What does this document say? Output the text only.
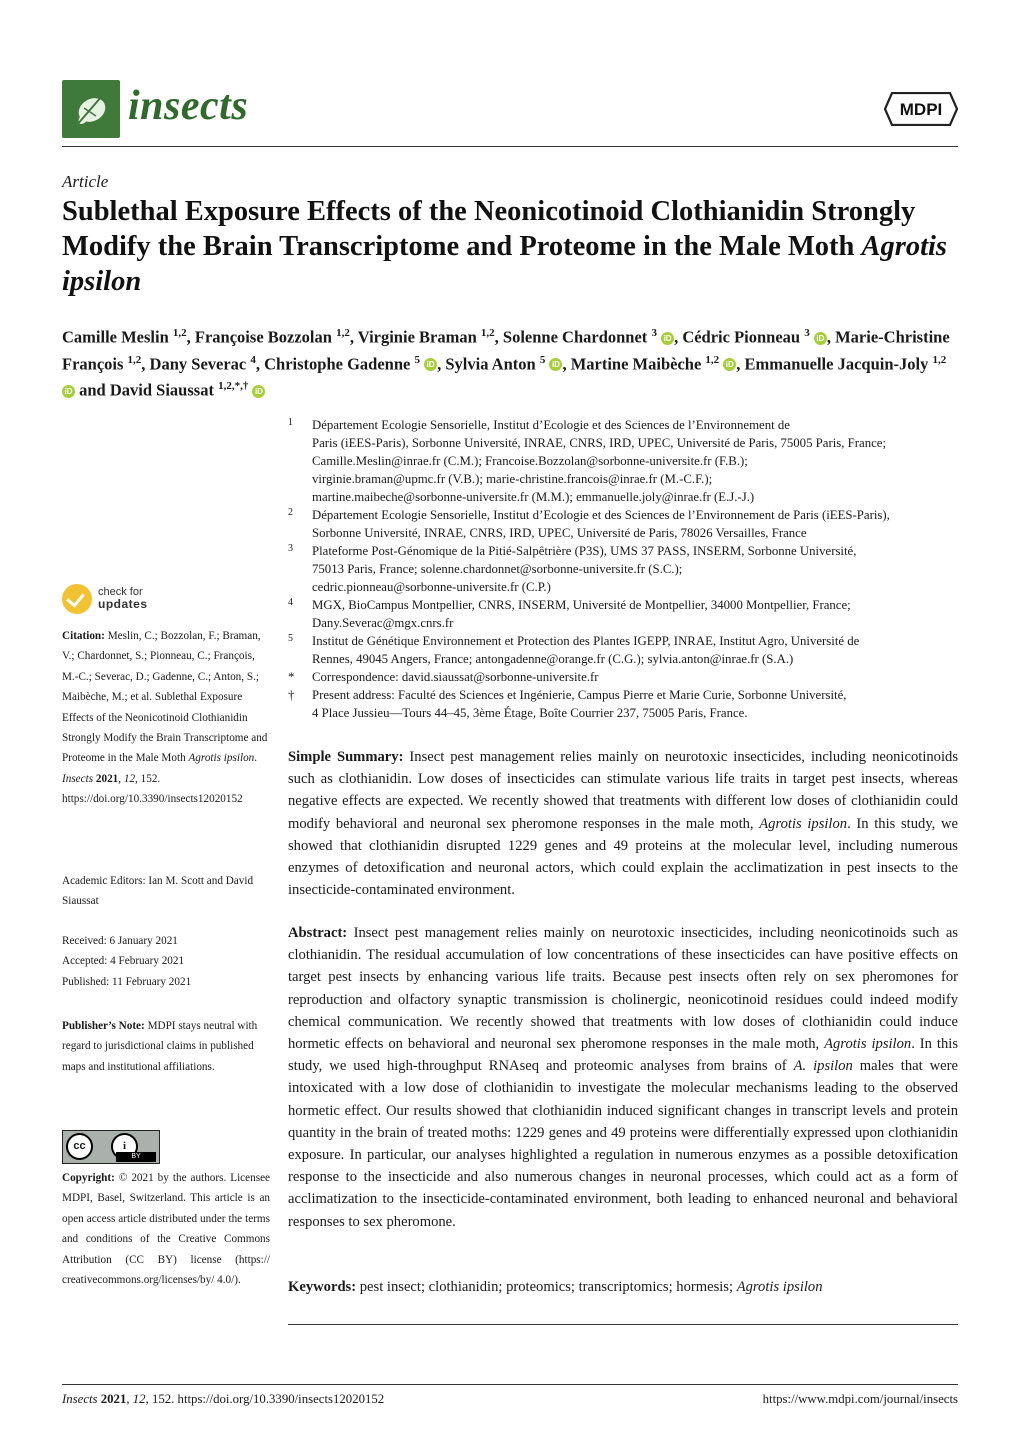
insects	MDPI
Article
Sublethal Exposure Effects of the Neonicotinoid Clothianidin Strongly Modify the Brain Transcriptome and Proteome in the Male Moth Agrotis ipsilon
Camille Meslin $^{1,2}$, Françoise Bozzolan $^{1,2}$, Virginie Braman $^{1,2}$, Solenne Chardonnet $^3$ iD , Cédric Pionneau $^3$ iD , Marie-Christine François $^{1,2}$, Dany Severac $^4$, Christophe Gadenne $^5$ iD , Sylvia Anton $^5$ iD , Martine Maibèche $^{1,2}$ iD , Emmanuelle Jacquin-Joly $^{1,2}$ iD and David Siaussat $^{1,2,*,\dagger}$ iD
1 Département Ecologie Sensorielle, Institut d’Ecologie et des Sciences de l’Environnement de
Paris (iEES-Paris), Sorbonne Université, INRAE, CNRS, IRD, UPEC, Université de Paris, 75005 Paris, France;
Camille.Meslin@inrae.fr (C.M.); Francoise.Bozzolan@sorbonne-universite.fr (F.B.);
virginie.braman@upmc.fr (V.B.); marie-christine.francois@inrae.fr (M.-C.F.);
martine.maibeche@sorbonne-universite.fr (M.M.); emmanuelle.joly@inrae.fr (E.J.-J.)
2 Département Ecologie Sensorielle, Institut d’Ecologie et des Sciences de l’Environnement de Paris (iEES-Paris),
Sorbonne Université, INRAE, CNRS, IRD, UPEC, Université de Paris, 78026 Versailles, France
3 Plateforme Post-Génomique de la Pitié-Salpêtrière (P3S), UMS 37 PASS, INSERM, Sorbonne Université,
75013 Paris, France; solenne.chardonnet@sorbonne-universite.fr (S.C.);
cedric.pionneau@sorbonne-universite.fr (C.P.)
4 MGX, BioCampus Montpellier, CNRS, INSERM, Université de Montpellier, 34000 Montpellier, France;
Dany.Severac@mgx.cnrs.fr
5 Institut de Génétique Environnement et Protection des Plantes IGEPP, INRAE, Institut Agro, Université de
Rennes, 49045 Angers, France; antongadenne@orange.fr (C.G.); sylvia.anton@inrae.fr (S.A.)
* Correspondence: david.siaussat@sorbonne-universite.fr
† Present address: Faculté des Sciences et Ingénierie, Campus Pierre et Marie Curie, Sorbonne Université,
4 Place Jussieu—Tours 44–45, 3ème Étage, Boîte Courrier 237, 75005 Paris, France.
check for
updates
Citation: Meslin, C.; Bozzolan, F.; Braman, V.; Chardonnet, S.; Pionneau, C.; François, M.-C.; Severac, D.; Gadenne, C.; Anton, S.; Maibèche, M.; et al. Sublethal Exposure Effects of the Neonicotinoid Clothianidin Strongly Modify the Brain Transcriptome and Proteome in the Male Moth Agrotis ipsilon. Insects 2021, 12, 152. https://doi.org/10.3390/insects12020152
Academic Editors: Ian M. Scott and David Siaussat
Received: 6 January 2021
Accepted: 4 February 2021
Published: 11 February 2021
Publisher’s Note: MDPI stays neutral with regard to jurisdictional claims in published maps and institutional affiliations.
cc	i
BY
Copyright: © 2021 by the authors. Licensee MDPI, Basel, Switzerland. This article is an open access article distributed under the terms and conditions of the Creative Commons Attribution (CC BY) license (https:// creativecommons.org/licenses/by/ 4.0/).
Simple Summary: Insect pest management relies mainly on neurotoxic insecticides, including neonicotinoids such as clothianidin. Low doses of insecticides can stimulate various life traits in target pest insects, whereas negative effects are expected. We recently showed that treatments with different low doses of clothianidin could modify behavioral and neuronal sex pheromone responses in the male moth, Agrotis ipsilon. In this study, we showed that clothianidin disrupted 1229 genes and 49 proteins at the molecular level, including numerous enzymes of detoxification and neuronal actors, which could explain the acclimatization in pest insects to the insecticide-contaminated environment.
Abstract: Insect pest management relies mainly on neurotoxic insecticides, including neonicotinoids such as clothianidin. The residual accumulation of low concentrations of these insecticides can have positive effects on target pest insects by enhancing various life traits. Because pest insects often rely on sex pheromones for reproduction and olfactory synaptic transmission is cholinergic, neonicotinoid residues could indeed modify chemical communication. We recently showed that treatments with low doses of clothianidin could induce hormetic effects on behavioral and neuronal sex pheromone responses in the male moth, Agrotis ipsilon. In this study, we used high-throughput RNAseq and proteomic analyses from brains of A. ipsilon males that were intoxicated with a low dose of clothianidin to investigate the molecular mechanisms leading to the observed hormetic effect. Our results showed that clothianidin induced significant changes in transcript levels and protein quantity in the brain of treated moths: 1229 genes and 49 proteins were differentially expressed upon clothianidin exposure. In particular, our analyses highlighted a regulation in numerous enzymes as a possible detoxification response to the insecticide and also numerous changes in neuronal processes, which could act as a form of acclimatization to the insecticide-contaminated environment, both leading to enhanced neuronal and behavioral responses to sex pheromone.
Keywords: pest insect; clothianidin; proteomics; transcriptomics; hormesis; Agrotis ipsilon
Insects 2021, 12, 152. https://doi.org/10.3390/insects12020152	https://www.mdpi.com/journal/insects
